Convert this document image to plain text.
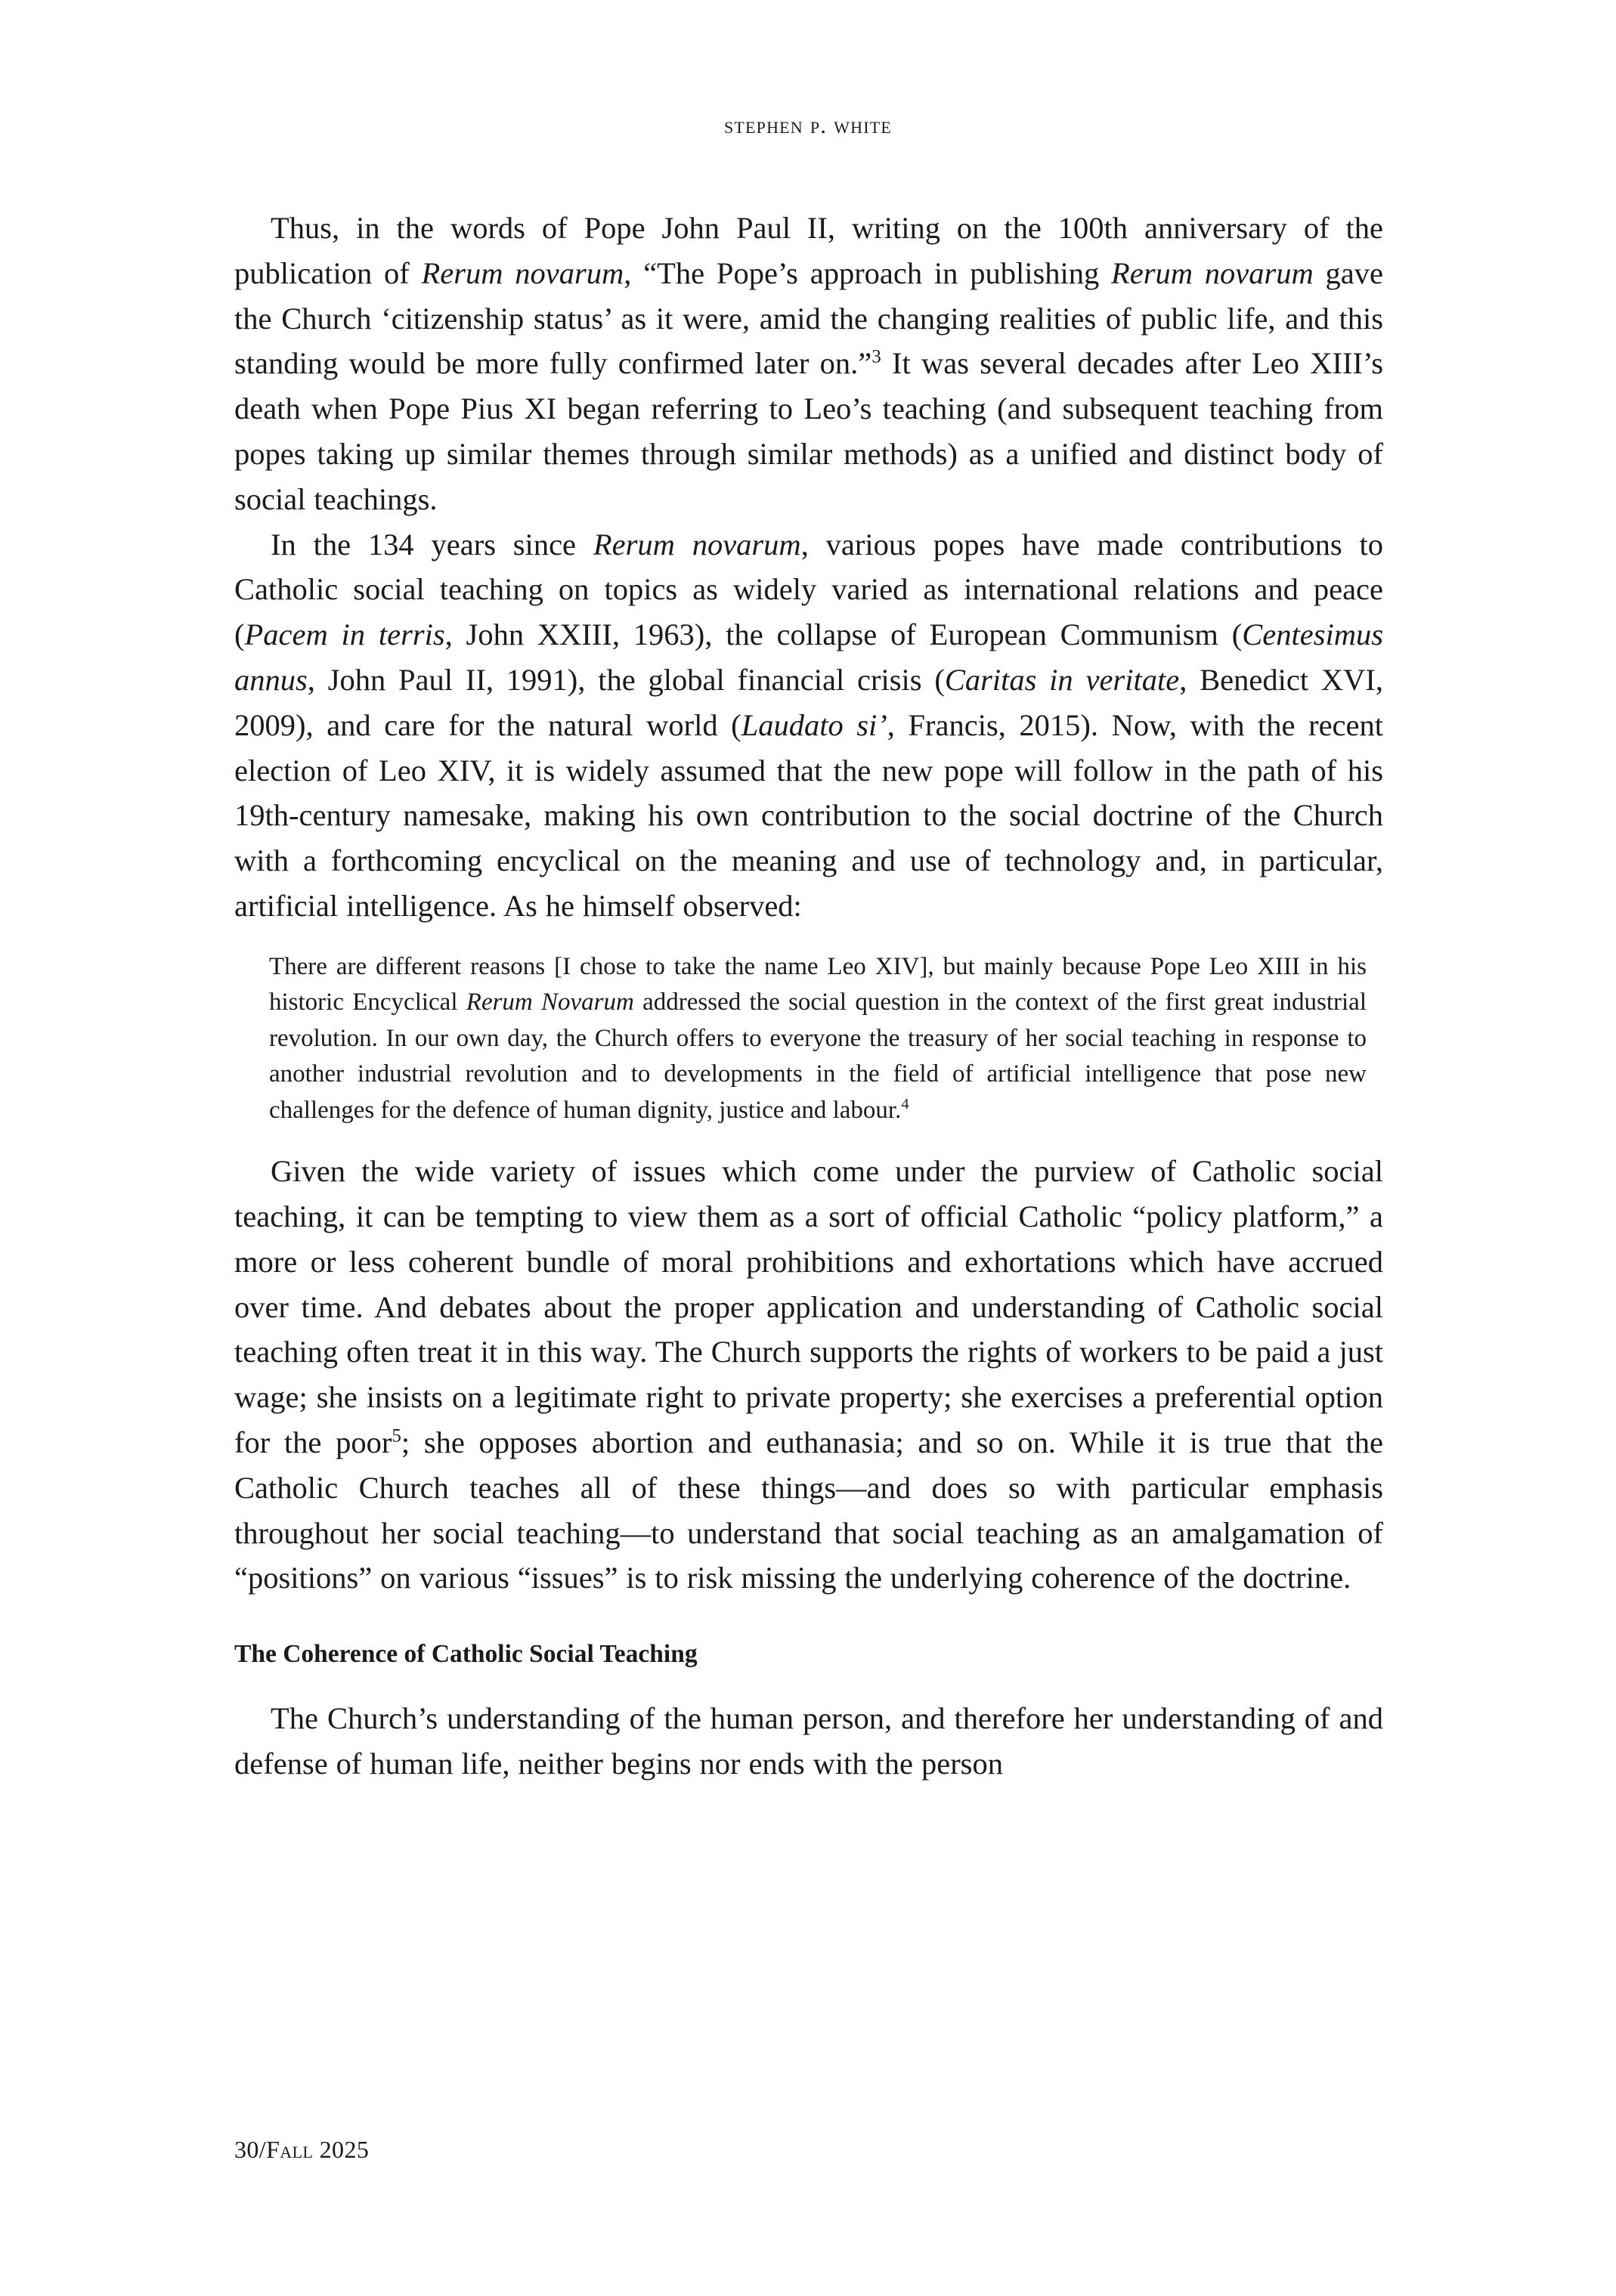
stephen p. white

Thus, in the words of Pope John Paul II, writing on the 100th anniversary of the publication of Rerum novarum, “The Pope’s approach in publishing Rerum novarum gave the Church ‘citizenship status’ as it were, amid the changing realities of public life, and this standing would be more fully confirmed later on.”$^3$ It was several decades after Leo XIII’s death when Pope Pius XI began referring to Leo’s teaching (and subsequent teaching from popes taking up similar themes through similar methods) as a unified and distinct body of social teachings.

In the 134 years since Rerum novarum, various popes have made contributions to Catholic social teaching on topics as widely varied as international relations and peace (Pacem in terris, John XXIII, 1963), the collapse of European Communism (Centesimus annus, John Paul II, 1991), the global financial crisis (Caritas in veritate, Benedict XVI, 2009), and care for the natural world (Laudato si’, Francis, 2015). Now, with the recent election of Leo XIV, it is widely assumed that the new pope will follow in the path of his 19th-century namesake, making his own contribution to the social doctrine of the Church with a forthcoming encyclical on the meaning and use of technology and, in particular, artificial intelligence. As he himself observed:

There are different reasons [I chose to take the name Leo XIV], but mainly because Pope Leo XIII in his historic Encyclical Rerum Novarum addressed the social question in the context of the first great industrial revolution. In our own day, the Church offers to everyone the treasury of her social teaching in response to another industrial revolution and to developments in the field of artificial intelligence that pose new challenges for the defence of human dignity, justice and labour.$^4$

Given the wide variety of issues which come under the purview of Catholic social teaching, it can be tempting to view them as a sort of official Catholic “policy platform,” a more or less coherent bundle of moral prohibitions and exhortations which have accrued over time. And debates about the proper application and understanding of Catholic social teaching often treat it in this way. The Church supports the rights of workers to be paid a just wage; she insists on a legitimate right to private property; she exercises a preferential option for the poor$^5$; she opposes abortion and euthanasia; and so on. While it is true that the Catholic Church teaches all of these things—and does so with particular emphasis throughout her social teaching—to understand that social teaching as an amalgamation of “positions” on various “issues” is to risk missing the underlying coherence of the doctrine.

The Coherence of Catholic Social Teaching

The Church’s understanding of the human person, and therefore her understanding of and defense of human life, neither begins nor ends with the person

30/Fall 2025
